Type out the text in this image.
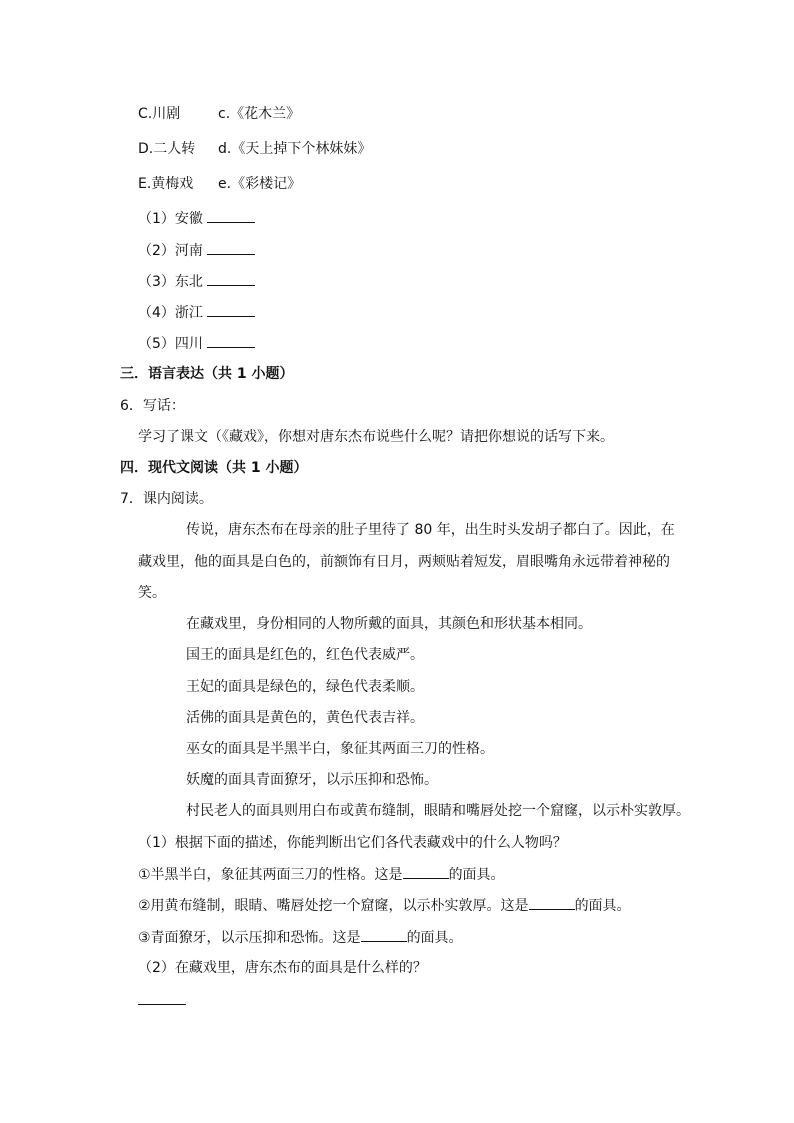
C.川剧	c.《花木兰》
D.二人转 d.《天上掉下个林妹妹》
E.黄梅戏 e.《彩楼记》
（1）安徽
（2）河南
（3）东北
（4）浙江
（5）四川
三．语言表达（共 1 小题）
6．写话：
学习了课文（《藏戏》，你想对唐东杰布说些什么呢？请把你想说的话写下来。
四．现代文阅读（共 1 小题）
7．课内阅读。
传说，唐东杰布在母亲的肚子里待了 80 年，出生时头发胡子都白了。因此，在
藏戏里，他的面具是白色的，前额饰有日月，两颊贴着短发，眉眼嘴角永远带着神秘的
笑。
在藏戏里，身份相同的人物所戴的面具，其颜色和形状基本相同。
国王的面具是红色的，红色代表威严。
王妃的面具是绿色的，绿色代表柔顺。
活佛的面具是黄色的，黄色代表吉祥。
巫女的面具是半黑半白，象征其两面三刀的性格。
妖魔的面具青面獠牙，以示压抑和恐怖。
村民老人的面具则用白布或黄布缝制，眼睛和嘴唇处挖一个窟窿，以示朴实敦厚。
（1）根据下面的描述，你能判断出它们各代表藏戏中的什么人物吗？
①半黑半白，象征其两面三刀的性格。这是	的面具。
②用黄布缝制，眼睛、嘴唇处挖一个窟窿，以示朴实敦厚。这是	的面具。
③青面獠牙，以示压抑和恐怖。这是	的面具。
（2）在藏戏里，唐东杰布的面具是什么样的？
